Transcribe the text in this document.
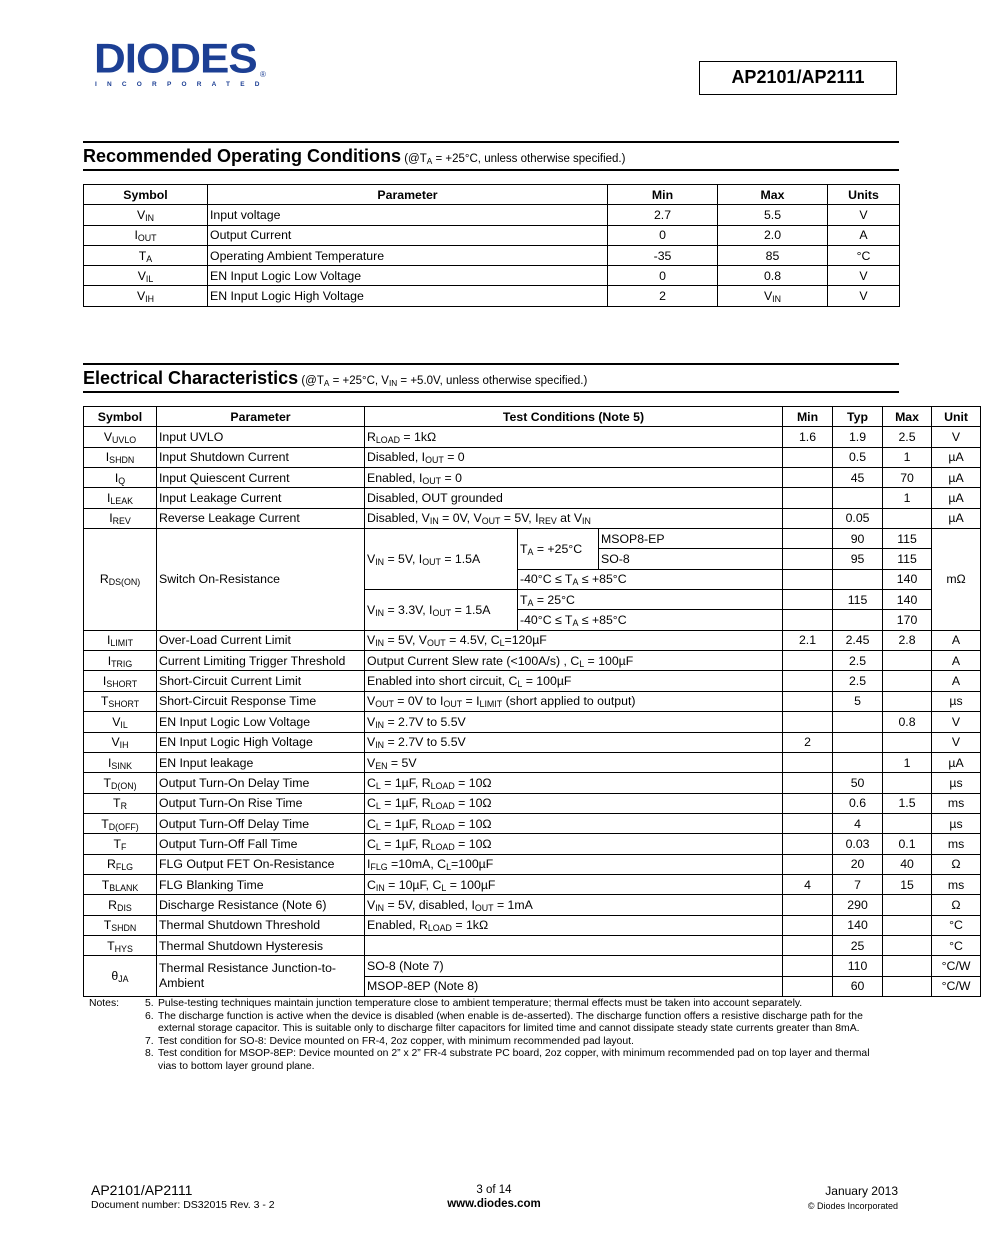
DIODES
INCORPORATED
®	AP2101/AP2111
Recommended Operating Conditions ($@T_A = +25^\circ C$, unless otherwise specified.)
Symbol	Parameter	Min	Max	Units
$V_{IN}$	Input voltage	2.7	5.5	V
$I_{OUT}$	Output Current	0	2.0	A
$T_A$	Operating Ambient Temperature	-35	85	°C
$V_{IL}$	EN Input Logic Low Voltage	0	0.8	V
$V_{IH}$	EN Input Logic High Voltage	2	$V_{IN}$	V
Electrical Characteristics ($@T_A = +25^\circ C$, $V_{IN} = +5.0V$, unless otherwise specified.)
Symbol	Parameter	Test Conditions (Note 5)			Min	Typ	Max	Unit
$V_{UVLO}$	Input UVLO	$R_{LOAD} = 1k\Omega$			1.6	1.9	2.5	V
$I_{SHDN}$	Input Shutdown Current	Disabled, $I_{OUT} = 0$				0.5	1	µA
$I_Q$	Input Quiescent Current	Enabled, $I_{OUT} = 0$				45	70	µA
$I_{LEAK}$	Input Leakage Current	Disabled, OUT grounded					1	µA
$I_{REV}$	Reverse Leakage Current	Disabled, $V_{IN} = 0V$, $V_{OUT} = 5V$, $I_{REV}$ at $V_{IN}$				0.05		µA
$R_{DS(ON)}$	Switch On-Resistance	$V_{IN} = 5V$, $I_{OUT} = 1.5A$	$T_A = +25^\circ C$	MSOP8-EP		90	115	mΩ
				SO-8		95	115	
			$-40^\circ C \le T_A \le +85^\circ C$				140	
		$V_{IN} = 3.3V$, $I_{OUT} = 1.5A$	$T_A = 25^\circ C$			115	140	
			$-40^\circ C \le T_A \le +85^\circ C$				170	
$I_{LIMIT}$	Over-Load Current Limit	$V_{IN} = 5V$, $V_{OUT} = 4.5V$, $C_L=120\mu F$			2.1	2.45	2.8	A
$I_{TRIG}$	Current Limiting Trigger Threshold	Output Current Slew rate (<100A/s) , $C_L = 100\mu F$				2.5		A
$I_{SHORT}$	Short-Circuit Current Limit	Enabled into short circuit, $C_L = 100\mu F$				2.5		A
$T_{SHORT}$	Short-Circuit Response Time	$V_{OUT} = 0V$ to $I_{OUT} = I_{LIMIT}$ (short applied to output)				5		µs
$V_{IL}$	EN Input Logic Low Voltage	$V_{IN} = 2.7V$ to 5.5V					0.8	V
$V_{IH}$	EN Input Logic High Voltage	$V_{IN} = 2.7V$ to 5.5V			2			V
$I_{SINK}$	EN Input leakage	$V_{EN} = 5V$					1	µA
$T_{D(ON)}$	Output Turn-On Delay Time	$C_L = 1\mu F$, $R_{LOAD} = 10\Omega$				50		µs
$T_R$	Output Turn-On Rise Time	$C_L = 1\mu F$, $R_{LOAD} = 10\Omega$				0.6	1.5	ms
$T_{D(OFF)}$	Output Turn-Off Delay Time	$C_L = 1\mu F$, $R_{LOAD} = 10\Omega$				4		µs
$T_F$	Output Turn-Off Fall Time	$C_L = 1\mu F$, $R_{LOAD} = 10\Omega$				0.03	0.1	ms
$R_{FLG}$	FLG Output FET On-Resistance	$I_{FLG} =10mA$, $C_L=100\mu F$				20	40	Ω
$T_{BLANK}$	FLG Blanking Time	$C_{IN} = 10\mu F$, $C_L = 100\mu F$			4	7	15	ms
$R_{DIS}$	Discharge Resistance (Note 6)	$V_{IN} = 5V$, disabled, $I_{OUT} = 1mA$				290		Ω
$T_{SHDN}$	Thermal Shutdown Threshold	Enabled, $R_{LOAD} = 1k\Omega$				140		°C
$T_{HYS}$	Thermal Shutdown Hysteresis					25		°C
$\theta_{JA}$	Thermal Resistance Junction-to-Ambient	SO-8 (Note 7)				110		°C/W
		MSOP-8EP (Note 8)				60		°C/W
Notes: 5. Pulse-testing techniques maintain junction temperature close to ambient temperature; thermal effects must be taken into account separately.
6. The discharge function is active when the device is disabled (when enable is de-asserted). The discharge function offers a resistive discharge path for the external storage capacitor. This is suitable only to discharge filter capacitors for limited time and cannot dissipate steady state currents greater than 8mA.
7. Test condition for SO-8: Device mounted on FR-4, 2oz copper, with minimum recommended pad layout.
8. Test condition for MSOP-8EP: Device mounted on 2” x 2” FR-4 substrate PC board, 2oz copper, with minimum recommended pad on top layer and thermal vias to bottom layer ground plane.
AP2101/AP2111
Document number: DS32015 Rev. 3 - 2
3 of 14
www.diodes.com
January 2013
© Diodes Incorporated
